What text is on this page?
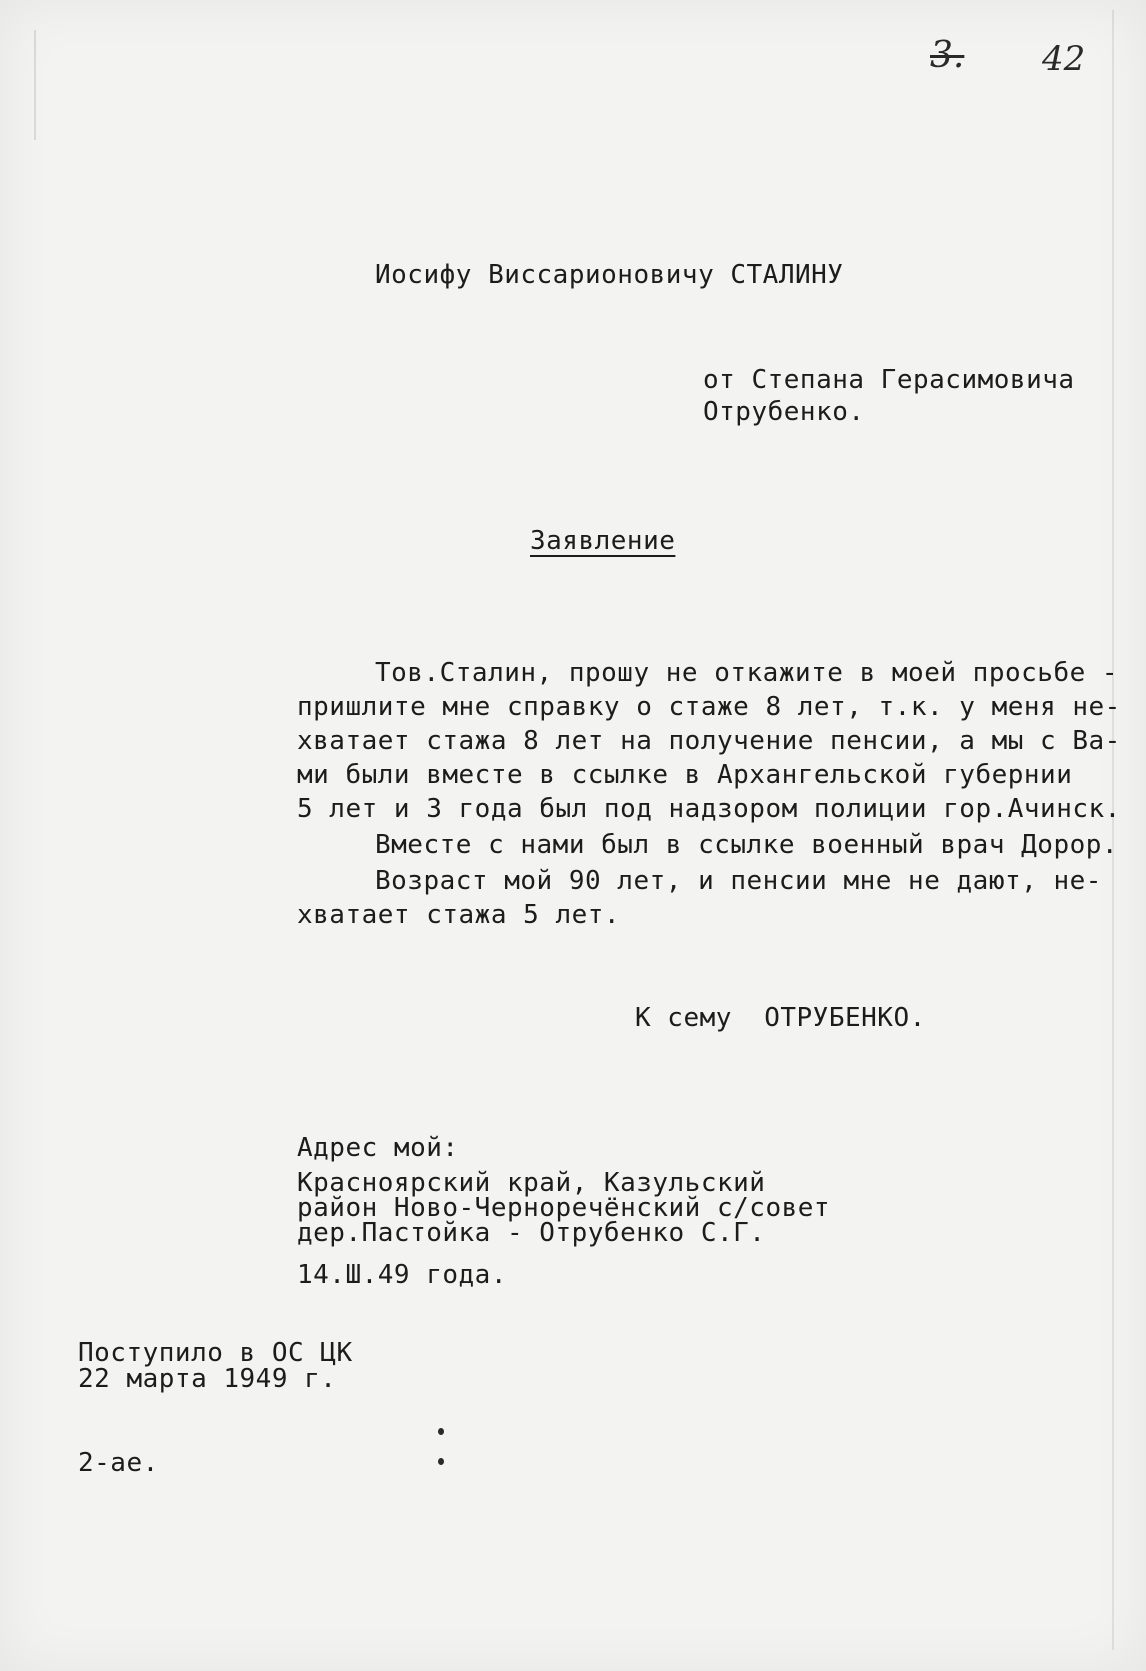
3. 42
Иосифу Виссарионовичу СТАЛИНУ
от Степана Герасимовича
Отрубенко.
Заявление
Тов.Сталин, прошу не откажите в моей просьбе -
пришлите мне справку о стаже 8 лет, т.к. у меня не-
хватает стажа 8 лет на получение пенсии, а мы с Ва-
ми были вместе в ссылке в Архангельской губернии
5 лет и 3 года был под надзором полиции гор.Ачинск.
Вместе с нами был в ссылке военный врач Дорор.
Возраст мой 90 лет, и пенсии мне не дают, не-
хватает стажа 5 лет.
К сему  ОТРУБЕНКО.
Адрес мой:
Красноярский край, Казульский
район Ново-Черноречёнский с/совет
дер.Пастойка - Отрубенко С.Г.
14.Ш.49 года.
Поступило в ОС ЦК
22 марта 1949 г.
2-ае.
